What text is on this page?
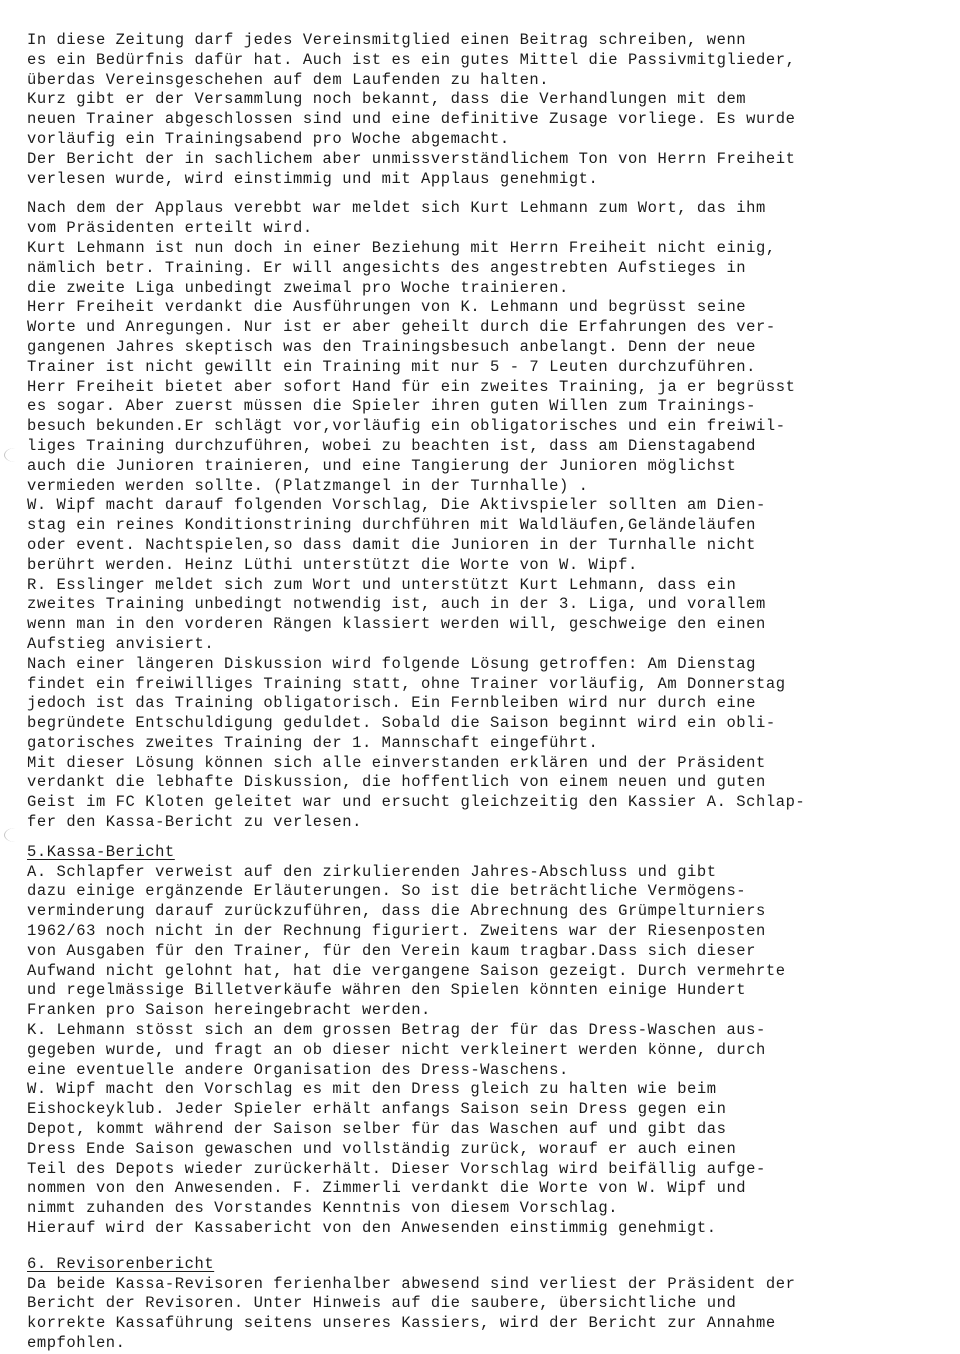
In diese Zeitung darf jedes Vereinsmitglied einen Beitrag schreiben, wenn
es ein Bedürfnis dafür hat. Auch ist es ein gutes Mittel die Passivmitglieder,
überdas Vereinsgeschehen auf dem Laufenden zu halten.
Kurz gibt er der Versammlung noch bekannt, dass die Verhandlungen mit dem
neuen Trainer abgeschlossen sind und eine definitive Zusage vorliege. Es wurde
vorläufig ein Trainingsabend pro Woche abgemacht.
Der Bericht der in sachlichem aber unmissverständlichem Ton von Herrn Freiheit
verlesen wurde, wird einstimmig und mit Applaus genehmigt.
Nach dem der Applaus verebbt war meldet sich Kurt Lehmann zum Wort, das ihm
vom Präsidenten erteilt wird.
Kurt Lehmann ist nun doch in einer Beziehung mit Herrn Freiheit nicht einig,
nämlich betr. Training. Er will angesichts des angestrebten Aufstieges in
die zweite Liga unbedingt zweimal pro Woche trainieren.
Herr Freiheit verdankt die Ausführungen von K. Lehmann und begrüsst seine
Worte und Anregungen. Nur ist er aber geheilt durch die Erfahrungen des ver-
gangenen Jahres skeptisch was den Trainingsbesuch anbelangt. Denn der neue
Trainer ist nicht gewillt ein Training mit nur 5 - 7 Leuten durchzuführen.
Herr Freiheit bietet aber sofort Hand für ein zweites Training, ja er begrüsst
es sogar. Aber zuerst müssen die Spieler ihren guten Willen zum Trainings-
besuch bekunden.Er schlägt vor,vorläufig ein obligatorisches und ein freiwil-
liges Training durchzuführen, wobei zu beachten ist, dass am Dienstagabend
auch die Junioren trainieren, und eine Tangierung der Junioren möglichst
vermieden werden sollte. (Platzmangel in der Turnhalle) .
W. Wipf macht darauf folgenden Vorschlag, Die Aktivspieler sollten am Dien-
stag ein reines Konditionstrining durchführen mit Waldläufen,Geländeläufen
oder event. Nachtspielen,so dass damit die Junioren in der Turnhalle nicht
berührt werden. Heinz Lüthi unterstützt die Worte von W. Wipf.
R. Esslinger meldet sich zum Wort und unterstützt Kurt Lehmann, dass ein
zweites Training unbedingt notwendig ist, auch in der 3. Liga, und vorallem
wenn man in den vorderen Rängen klassiert werden will, geschweige den einen
Aufstieg anvisiert.
Nach einer längeren Diskussion wird folgende Lösung getroffen: Am Dienstag
findet ein freiwilliges Training statt, ohne Trainer vorläufig, Am Donnerstag
jedoch ist das Training obligatorisch. Ein Fernbleiben wird nur durch eine
begründete Entschuldigung geduldet. Sobald die Saison beginnt wird ein obli-
gatorisches zweites Training der 1. Mannschaft eingeführt.
Mit dieser Lösung können sich alle einverstanden erklären und der Präsident
verdankt die lebhafte Diskussion, die hoffentlich von einem neuen und guten
Geist im FC Kloten geleitet war und ersucht gleichzeitig den Kassier A. Schlap-
fer den Kassa-Bericht zu verlesen.
5.Kassa-Bericht
A. Schlapfer verweist auf den zirkulierenden Jahres-Abschluss und gibt
dazu einige ergänzende Erläuterungen. So ist die beträchtliche Vermögens-
verminderung darauf zurückzuführen, dass die Abrechnung des Grümpelturniers
1962/63 noch nicht in der Rechnung figuriert. Zweitens war der Riesenposten
von Ausgaben für den Trainer, für den Verein kaum tragbar.Dass sich dieser
Aufwand nicht gelohnt hat, hat die vergangene Saison gezeigt. Durch vermehrte
und regelmässige Billetverkäufe währen den Spielen könnten einige Hundert
Franken pro Saison hereingebracht werden.
K. Lehmann stösst sich an dem grossen Betrag der für das Dress-Waschen aus-
gegeben wurde, und fragt an ob dieser nicht verkleinert werden könne, durch
eine eventuelle andere Organisation des Dress-Waschens.
W. Wipf macht den Vorschlag es mit den Dress gleich zu halten wie beim
Eishockeyklub. Jeder Spieler erhält anfangs Saison sein Dress gegen ein
Depot, kommt während der Saison selber für das Waschen auf und gibt das
Dress Ende Saison gewaschen und vollständig zurück, worauf er auch einen
Teil des Depots wieder zurückerhält. Dieser Vorschlag wird beifällig aufge-
nommen von den Anwesenden. F. Zimmerli verdankt die Worte von W. Wipf und
nimmt zuhanden des Vorstandes Kenntnis von diesem Vorschlag.
Hierauf wird der Kassabericht von den Anwesenden einstimmig genehmigt.
6. Revisorenbericht
Da beide Kassa-Revisoren ferienhalber abwesend sind verliest der Präsident der
Bericht der Revisoren. Unter Hinweis auf die saubere, übersichtliche und
korrekte Kassaführung seitens unseres Kassiers, wird der Bericht zur Annahme
empfohlen.
